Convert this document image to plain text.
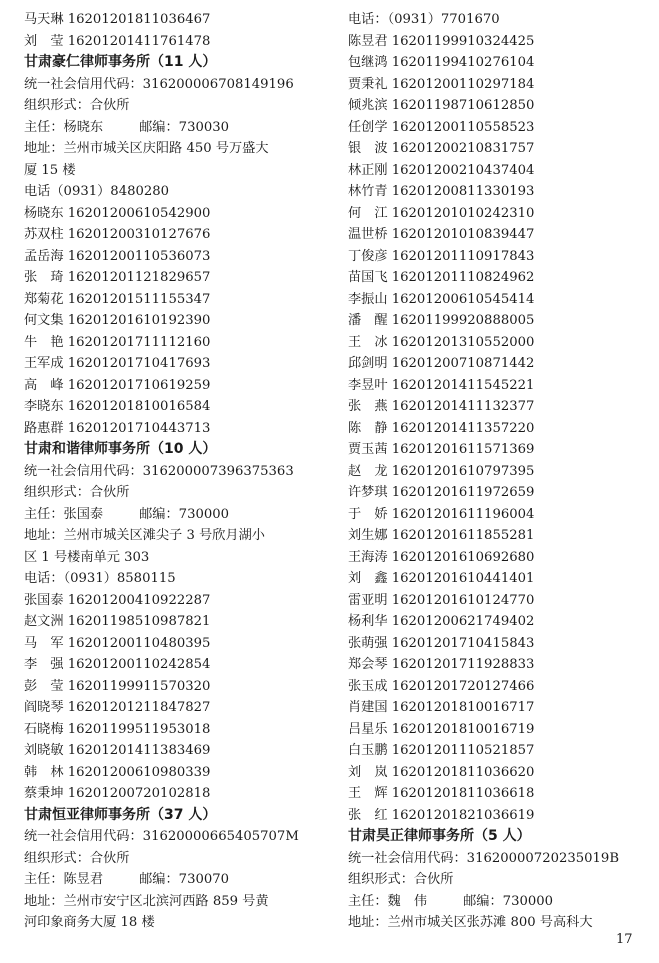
马天琳 16201201811036467
刘　莹 16201201411761478
甘肃豪仁律师事务所（11 人）
统一社会信用代码：316200006708149196
组织形式：合伙所
主任：杨晓东	邮编：730030
地址：兰州市城关区庆阳路 450 号万盛大
厦 15 楼
电话（0931）8480280
杨晓东 16201200610542900
苏双柱 16201200310127676
孟岳海 16201200110536073
张　琦 16201201121829657
郑菊花 16201201511155347
何文集 16201201610192390
牛　艳 16201201711112160
王军成 16201201710417693
高　峰 16201201710619259
李晓东 16201201810016584
路惠群 16201201710443713
甘肃和谐律师事务所（10 人）
统一社会信用代码：316200007396375363
组织形式：合伙所
主任：张国泰	邮编：730000
地址：兰州市城关区滩尖子 3 号欣月湖小
区 1 号楼南单元 303
电话：（0931）8580115
张国泰 16201200410922287
赵文洲 16201198510987821
马　军 16201200110480395
李　强 16201200110242854
彭　莹 16201199911570320
阎晓琴 16201201211847827
石晓梅 16201199511953018
刘晓敏 16201201411383469
韩　林 16201200610980339
蔡秉坤 16201200720102818
甘肃恒亚律师事务所（37 人）
统一社会信用代码：31620000665405707M
组织形式：合伙所
主任：陈昱君	邮编：730070
地址：兰州市安宁区北滨河西路 859 号黄
河印象商务大厦 18 楼
电话：（0931）7701670
陈昱君 16201199910324425
包继鸿 16201199410276104
贾秉礼 16201200110297184
倾兆滨 16201198710612850
任创学 16201200110558523
银　波 16201200210831757
林正刚 16201200210437404
林竹青 16201200811330193
何　江 16201201010242310
温世桥 16201201010839447
丁俊彦 16201201110917843
苗国飞 16201201110824962
李振山 16201200610545414
潘　醒 16201199920888005
王　冰 16201201310552000
邱剑明 16201200710871442
李昱叶 16201201411545221
张　燕 16201201411132377
陈　静 16201201411357220
贾玉茜 16201201611571369
赵　龙 16201201610797395
许梦琪 16201201611972659
于　娇 16201201611196004
刘生娜 16201201611855281
王海涛 16201201610692680
刘　鑫 16201201610441401
雷亚明 16201201610124770
杨利华 16201200621749402
张萌强 16201201710415843
郑会琴 16201201711928833
张玉成 16201201720127466
肖建国 16201201810016717
吕星乐 16201201810016719
白玉鹏 16201201110521857
刘　岚 16201201811036620
王　辉 16201201811036618
张　红 16201201821036619
甘肃昊正律师事务所（5 人）
统一社会信用代码：31620000720235019B
组织形式：合伙所
主任：魏　伟	邮编：730000
地址：兰州市城关区张苏滩 800 号高科大
17
